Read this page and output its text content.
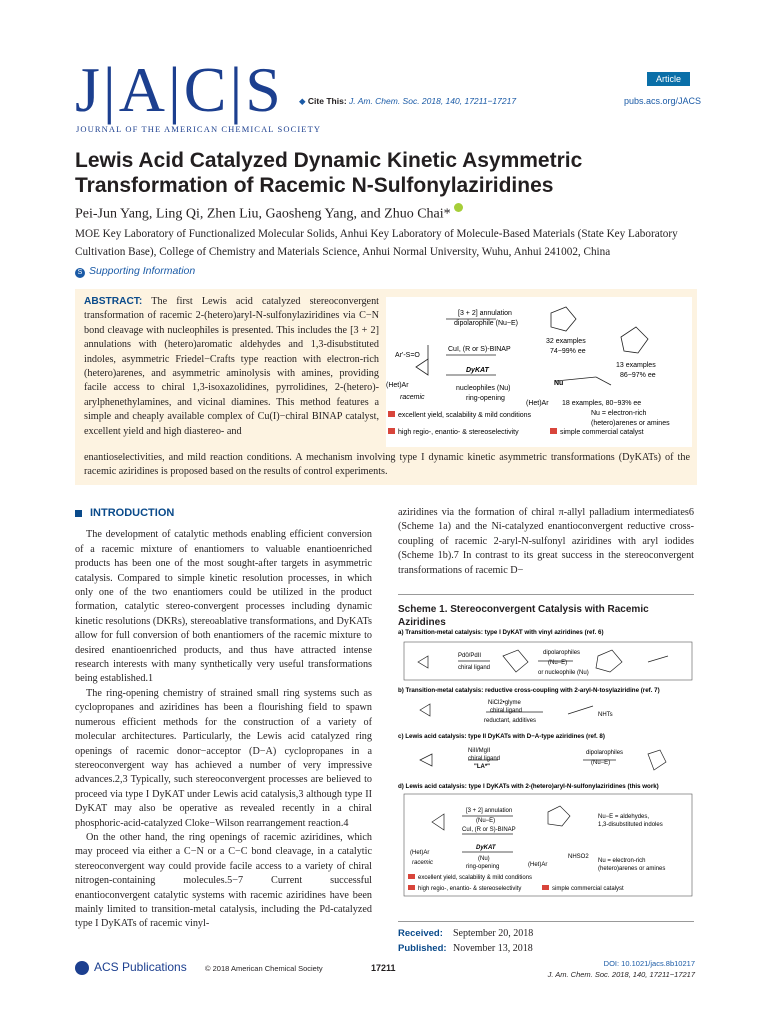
J|A|C|S
JOURNAL OF THE AMERICAN CHEMICAL SOCIETY
Article
◆ Cite This: J. Am. Chem. Soc. 2018, 140, 17211−17217	pubs.acs.org/JACS
Lewis Acid Catalyzed Dynamic Kinetic Asymmetric Transformation of Racemic N-Sulfonylaziridines
Pei-Jun Yang, Ling Qi, Zhen Liu, Gaosheng Yang, and Zhuo Chai*
MOE Key Laboratory of Functionalized Molecular Solids, Anhui Key Laboratory of Molecule-Based Materials (State Key Laboratory Cultivation Base), College of Chemistry and Materials Science, Anhui Normal University, Wuhu, Anhui 241002, China
S Supporting Information
ABSTRACT: The first Lewis acid catalyzed stereoconvergent transformation of racemic 2-(hetero)aryl-N-sulfonylaziridines via C−N bond cleavage with nucleophiles is presented. This includes the [3 + 2] annulations with (hetero)aromatic aldehydes and 1,3-disubstituted indoles, asymmetric Friedel−Crafts type reaction with electron-rich (hetero)arenes, and asymmetric aminolysis with amines, providing facile access to chiral 1,3-isoxazolidines, pyrrolidines, 2-(hetero)-arylphenethylamines, and vicinal diamines. This method features a simple and cheaply available complex of Cu(I)−chiral BINAP catalyst, excellent yield and high diastereo- and
enantioselectivities, and mild reaction conditions. A mechanism involving type I dynamic kinetic asymmetric transformations (DyKATs) of the racemic aziridines is proposed based on the results of control experiments.
Ar'-S=O
(Het)Ar
racemic
[3 + 2] annulation
dipolarophile (Nu−E)
CuI, (R or S)-BINAP
DyKAT
nucleophiles (Nu)
ring-opening
32 examples
74−99% ee
13 examples
86−97% ee
Nu
(Het)Ar 18 examples, 80−93% ee
Nu = electron-rich
(hetero)arenes or amines
excellent yield, scalability & mild conditions
high regio-, enantio- & stereoselectivity	simple commercial catalyst
INTRODUCTION

The development of catalytic methods enabling efficient conversion of a racemic mixture of enantiomers to valuable enantioenriched products has been one of the most sought-after targets in asymmetric catalysis. Compared to simple kinetic resolution processes, in which only one of the two enantiomers could be utilized in the product formation, catalytic stereo-convergent processes including dynamic kinetic resolutions (DKRs), stereoablative transformations, and DyKATs allow for full conversion of both enantiomers of the racemic mixture to desired enantioenriched products, and thus have attracted intense research interests with many synthetically very useful transformations being established.1

The ring-opening chemistry of strained small ring systems such as cyclopropanes and aziridines has been a flourishing field to spawn numerous efficient methods for the construction of a variety of molecular architectures. Particularly, the Lewis acid catalyzed ring openings of racemic donor−acceptor (D−A) cyclopropanes in a stereoconvergent way has achieved a number of very impressive advances.2,3 Typically, such stereoconvergent processes are believed to proceed via type I DyKAT under Lewis acid catalysis,3 although type II DyKAT may also be operative as revealed recently in a chiral phosphoric-acid-catalyzed Cloke−Wilson rearrangement reaction.4

On the other hand, the ring openings of racemic aziridines, which may proceed via either a C−N or a C−C bond cleavage, in a catalytic stereoconvergent way could provide facile access to a variety of chiral nitrogen-containing molecules.5−7 Current successful enantioconvergent catalytic systems with racemic aziridines have been mainly limited to transition-metal catalysis, including the Pd-catalyzed type I DyKATs of racemic vinyl-

aziridines via the formation of chiral π-allyl palladium intermediates6 (Scheme 1a) and the Ni-catalyzed enantioconvergent reductive cross-coupling of racemic 2-aryl-N-sulfonyl aziridines with aryl iodides (Scheme 1b).7 In contrast to its great success in the stereoconvergent transformations of racemic D−

Scheme 1. Stereoconvergent Catalysis with Racemic Aziridines
a) Transition-metal catalysis: type I DyKAT with vinyl aziridines (ref. 6)
Pd0/PdII
chiral ligand
dipolarophiles
(Nu−E)
or nucleophile (Nu)
b) Transition-metal catalysis: reductive cross-coupling with 2-aryl-N-tosylaziridine (ref. 7)
NiCl2•glyme
chiral ligand
reductant, additives
NHTs
c) Lewis acid catalysis: type II DyKATs with D−A-type aziridines (ref. 8)
NiII/MgII
chiral ligand
"LA*"
dipolarophiles
(Nu−E)
d) Lewis acid catalysis: type I DyKATs with 2-(hetero)aryl-N-sulfonylaziridines (this work)
[3 + 2] annulation
(Nu−E)
CuI, (R or S)-BINAP
DyKAT
(Nu)
ring-opening
(Het)Ar
racemic
Nu−E = aldehydes,
1,3-disubstituted indoles
(Het)Ar
NHSO2
Nu = electron-rich
(hetero)arenes or amines
excellent yield, scalability & mild conditions
high regio-, enantio- & stereoselectivity	simple commercial catalyst
Received: September 20, 2018
Published: November 13, 2018
ACS Publications © 2018 American Chemical Society	17211	DOI: 10.1021/jacs.8b10217
J. Am. Chem. Soc. 2018, 140, 17211−17217
